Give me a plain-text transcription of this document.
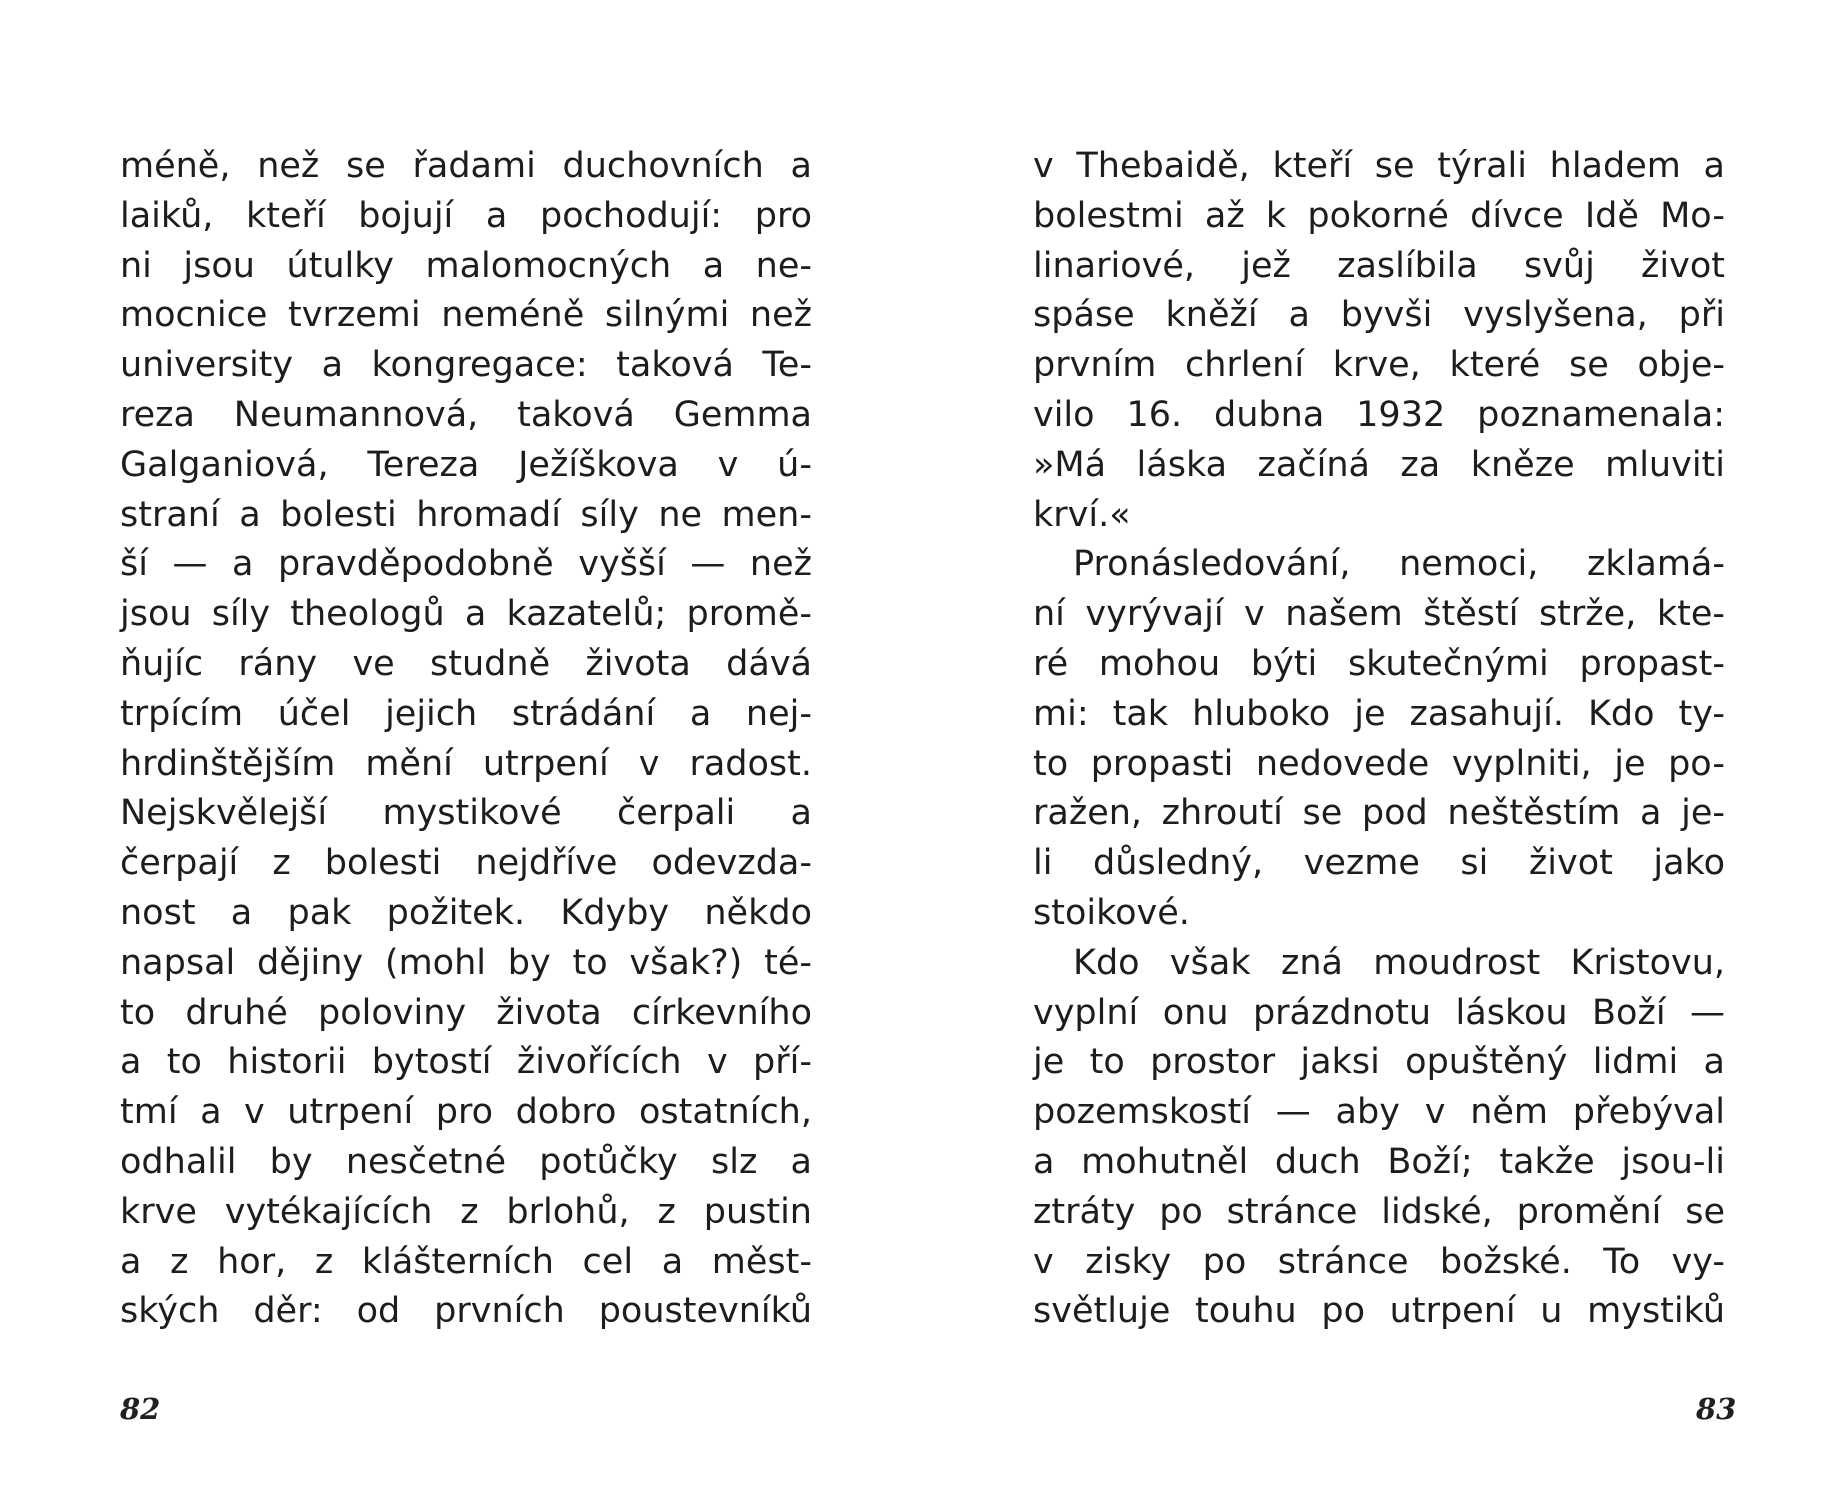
méně, než se řadami duchovních a
laiků, kteří bojují a pochodují: pro
ni jsou útulky malomocných a ne-
mocnice tvrzemi neméně silnými než
university a kongregace: taková Te-
reza Neumannová, taková Gemma
Galganiová, Tereza Ježíškova v ú-
straní a bolesti hromadí síly ne men-
ší — a pravděpodobně vyšší — než
jsou síly theologů a kazatelů; promě-
ňujíc rány ve studně života dává
trpícím účel jejich strádání a nej-
hrdinštějším mění utrpení v radost.
Nejskvělejší mystikové čerpali a
čerpají z bolesti nejdříve odevzda-
nost a pak požitek. Kdyby někdo
napsal dějiny (mohl by to však?) té-
to druhé poloviny života církevního
a to historii bytostí živořících v pří-
tmí a v utrpení pro dobro ostatních,
odhalil by nesčetné potůčky slz a
krve vytékajících z brlohů, z pustin
a z hor, z klášterních cel a měst-
ských děr: od prvních poustevníků
v Thebaidě, kteří se týrali hladem a
bolestmi až k pokorné dívce Idě Mo-
linariové, jež zaslíbila svůj život
spáse kněží a byvši vyslyšena, při
prvním chrlení krve, které se obje-
vilo 16. dubna 1932 poznamenala:
»Má láska začíná za kněze mluviti
krví.«
Pronásledování, nemoci, zklamá-
ní vyrývají v našem štěstí strže, kte-
ré mohou býti skutečnými propast-
mi: tak hluboko je zasahují. Kdo ty-
to propasti nedovede vyplniti, je po-
ražen, zhroutí se pod neštěstím a je-
li důsledný, vezme si život jako
stoikové.
Kdo však zná moudrost Kristovu,
vyplní onu prázdnotu láskou Boží —
je to prostor jaksi opuštěný lidmi a
pozemskostí — aby v něm přebýval
a mohutněl duch Boží; takže jsou-li
ztráty po stránce lidské, promění se
v zisky po stránce božské. To vy-
světluje touhu po utrpení u mystiků
82	83
